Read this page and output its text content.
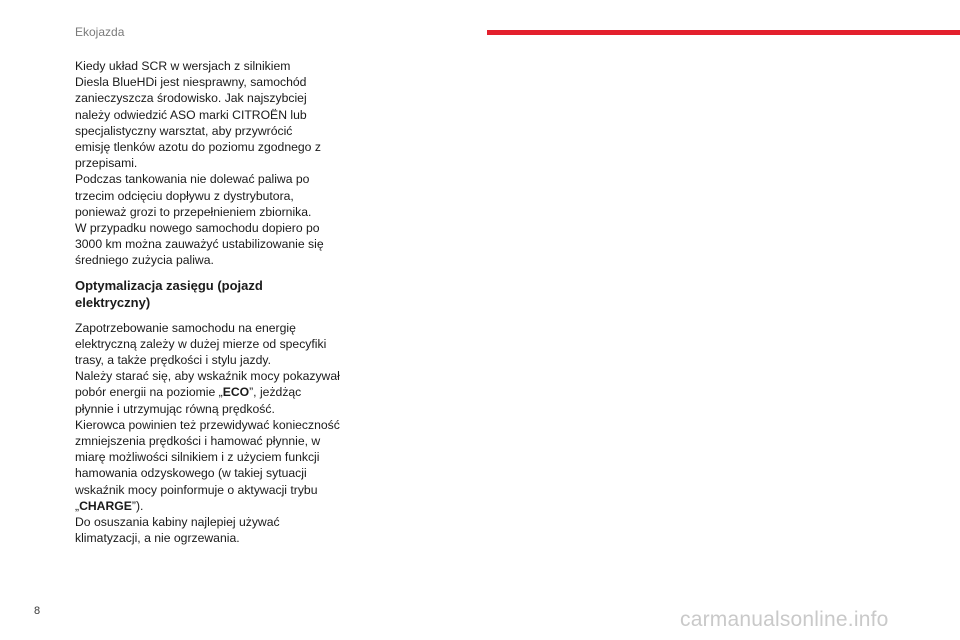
Ekojazda

Kiedy układ SCR w wersjach z silnikiem
Diesla BlueHDi jest niesprawny, samochód
zanieczyszcza środowisko. Jak najszybciej
należy odwiedzić ASO marki CITROËN lub
specjalistyczny warsztat, aby przywrócić
emisję tlenków azotu do poziomu zgodnego z
przepisami.

Podczas tankowania nie dolewać paliwa po
trzecim odcięciu dopływu z dystrybutora,
ponieważ grozi to przepełnieniem zbiornika.

W przypadku nowego samochodu dopiero po
3000 km można zauważyć ustabilizowanie się
średniego zużycia paliwa.

Optymalizacja zasięgu (pojazd
elektryczny)

Zapotrzebowanie samochodu na energię
elektryczną zależy w dużej mierze od specyfiki
trasy, a także prędkości i stylu jazdy.

Należy starać się, aby wskaźnik mocy pokazywał
pobór energii na poziomie „ECO”, jeżdżąc
płynnie i utrzymując równą prędkość.

Kierowca powinien też przewidywać konieczność
zmniejszenia prędkości i hamować płynnie, w
miarę możliwości silnikiem i z użyciem funkcji
hamowania odzyskowego (w takiej sytuacji
wskaźnik mocy poinformuje o aktywacji trybu
„CHARGE”).

Do osuszania kabiny najlepiej używać
klimatyzacji, a nie ogrzewania.

8	carmanualsonline.info
